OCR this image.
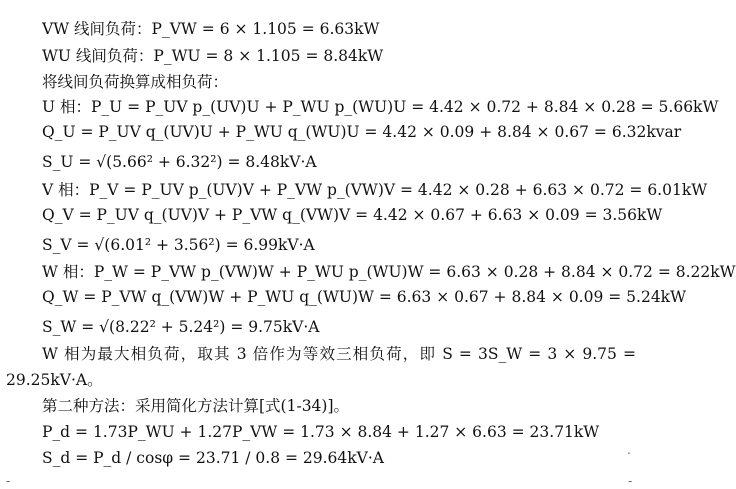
VW 线间负荷：P_VW = 6 × 1.105 = 6.63kW
WU 线间负荷：P_WU = 8 × 1.105 = 8.84kW
将线间负荷换算成相负荷：
U 相：P_U = P_UV p_(UV)U + P_WU p_(WU)U = 4.42 × 0.72 + 8.84 × 0.28 = 5.66kW
Q_U = P_UV q_(UV)U + P_WU q_(WU)U = 4.42 × 0.09 + 8.84 × 0.67 = 6.32kvar
S_U = √(5.66² + 6.32²) = 8.48kV·A
V 相：P_V = P_UV p_(UV)V + P_VW p_(VW)V = 4.42 × 0.28 + 6.63 × 0.72 = 6.01kW
Q_V = P_UV q_(UV)V + P_VW q_(VW)V = 4.42 × 0.67 + 6.63 × 0.09 = 3.56kW
S_V = √(6.01² + 3.56²) = 6.99kV·A
W 相：P_W = P_VW p_(VW)W + P_WU p_(WU)W = 6.63 × 0.28 + 8.84 × 0.72 = 8.22kW
Q_W = P_VW q_(VW)W + P_WU q_(WU)W = 6.63 × 0.67 + 8.84 × 0.09 = 5.24kW
S_W = √(8.22² + 5.24²) = 9.75kV·A
W 相为最大相负荷，取其 3 倍作为等效三相负荷，即 S = 3S_W = 3 × 9.75 =
29.25kV·A。
第二种方法：采用简化方法计算[式(1-34)]。
P_d = 1.73P_WU + 1.27P_VW = 1.73 × 8.84 + 1.27 × 6.63 = 23.71kW
S_d = P_d / cosφ = 23.71 / 0.8 = 29.64kV·A	.
-	-
